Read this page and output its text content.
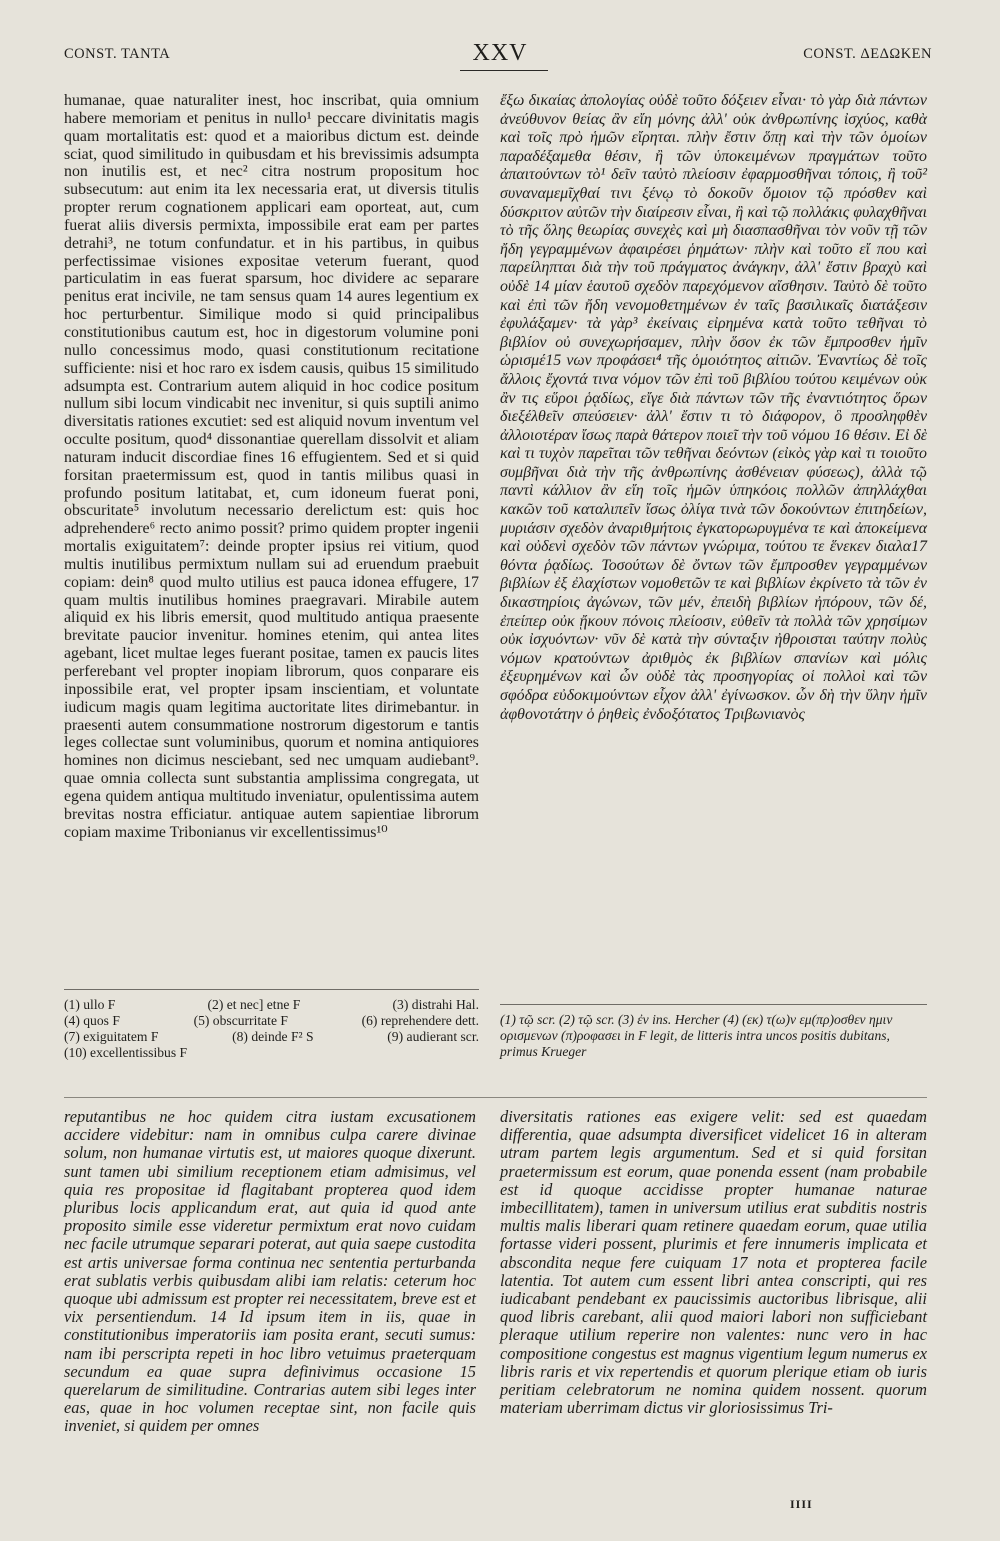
CONST. TANTA	XXV	CONST. ΔΕΔΩΚΕΝ

humanae, quae naturaliter inest, hoc inscribat, quia omnium habere memoriam et penitus in nullo¹ peccare divinitatis magis quam mortalitatis est: quod et a maioribus dictum est. deinde sciat, quod similitudo in quibusdam et his brevissimis adsumpta non inutilis est, et nec² citra nostrum propositum hoc subsecutum: aut enim ita lex necessaria erat, ut diversis titulis propter rerum cognationem applicari eam oporteat, aut, cum fuerat aliis diversis permixta, impossibile erat eam per partes detrahi³, ne totum confundatur. et in his partibus, in quibus perfectissimae visiones expositae veterum fuerant, quod particulatim in eas fuerat sparsum, hoc dividere ac separare penitus erat incivile, ne tam sensus quam 14 aures legentium ex hoc perturbentur. Similique modo si quid principalibus constitutionibus cautum est, hoc in digestorum volumine poni nullo concessimus modo, quasi constitutionum recitatione sufficiente: nisi et hoc raro ex isdem causis, quibus 15 similitudo adsumpta est. Contrarium autem aliquid in hoc codice positum nullum sibi locum vindicabit nec invenitur, si quis suptili animo diversitatis rationes excutiet: sed est aliquid novum inventum vel occulte positum, quod⁴ dissonantiae querellam dissolvit et aliam naturam inducit discordiae fines 16 effugientem. Sed et si quid forsitan praetermissum est, quod in tantis milibus quasi in profundo positum latitabat, et, cum idoneum fuerat poni, obscuritate⁵ involutum necessario derelictum est: quis hoc adprehendere⁶ recto animo possit? primo quidem propter ingenii mortalis exiguitatem⁷: deinde propter ipsius rei vitium, quod multis inutilibus permixtum nullam sui ad eruendum praebuit copiam: dein⁸ quod multo utilius est pauca idonea effugere, 17 quam multis inutilibus homines praegravari. Mirabile autem aliquid ex his libris emersit, quod multitudo antiqua praesente brevitate paucior invenitur. homines etenim, qui antea lites agebant, licet multae leges fuerant positae, tamen ex paucis lites perferebant vel propter inopiam librorum, quos conparare eis inpossibile erat, vel propter ipsam inscientiam, et voluntate iudicum magis quam legitima auctoritate lites dirimebantur. in praesenti autem consummatione nostrorum digestorum e tantis leges collectae sunt voluminibus, quorum et nomina antiquiores homines non dicimus nesciebant, sed nec umquam audiebant⁹. quae omnia collecta sunt substantia amplissima congregata, ut egena quidem antiqua multitudo inveniatur, opulentissima autem brevitas nostra efficiatur. antiquae autem sapientiae librorum copiam maxime Tribonianus vir excellentissimus¹⁰

ἔξω δικαίας ἀπολογίας οὐδὲ τοῦτο δόξειεν εἶναι· τὸ γὰρ διὰ πάντων ἀνεύθυνον θείας ἂν εἴη μόνης ἀλλ' οὐκ ἀνθρωπίνης ἰσχύος, καθὰ καὶ τοῖς πρὸ ἡμῶν εἴρηται. πλὴν ἔστιν ὅπῃ καὶ τὴν τῶν ὁμοίων παραδέξαμεθα θέσιν, ἢ τῶν ὑποκειμένων πραγμάτων τοῦτο ἀπαιτούντων τὸ¹ δεῖν ταὐτὸ πλείοσιν ἐφαρμοσθῆναι τόποις, ἢ τοῦ² συναναμεμῖχθαί τινι ξένῳ τὸ δοκοῦν ὅμοιον τῷ πρόσθεν καὶ δύσκριτον αὐτῶν τὴν διαίρεσιν εἶναι, ἢ καὶ τῷ πολλάκις φυλαχθῆναι τὸ τῆς ὅλης θεωρίας συνεχὲς καὶ μὴ διασπασθῆναι τὸν νοῦν τῇ τῶν ἤδη γεγραμμένων ἀφαιρέσει ῥημάτων· πλὴν καὶ τοῦτο εἴ που καὶ παρείληπται διὰ τὴν τοῦ πράγματος ἀνάγκην, ἀλλ' ἔστιν βραχὺ καὶ οὐδὲ 14 μίαν ἑαυτοῦ σχεδὸν παρεχόμενον αἴσθησιν. Ταὐτὸ δὲ τοῦτο καὶ ἐπὶ τῶν ἤδη νενομοθετημένων ἐν ταῖς βασιλικαῖς διατάξεσιν ἐφυλάξαμεν· τὰ γὰρ³ ἐκείναις εἰρημένα κατὰ τοῦτο τεθῆναι τὸ βιβλίον οὐ συνεχωρήσαμεν, πλὴν ὅσον ἐκ τῶν ἔμπροσθεν ἡμῖν ὡρισμέ15 νων προφάσει⁴ τῆς ὁμοιότητος αἰτιῶν. Ἐναντίως δὲ τοῖς ἄλλοις ἔχοντά τινα νόμον τῶν ἐπὶ τοῦ βιβλίου τούτου κειμένων οὐκ ἂν τις εὕροι ῥᾳδίως, εἴγε διὰ πάντων τῶν τῆς ἐναντιότητος ὅρων διεξέλθεῖν σπεύσειεν· ἀλλ' ἔστιν τι τὸ διάφορον, ὃ προσληφθὲν ἀλλοιοτέραν ἴσως παρὰ θάτερον ποιεῖ τὴν τοῦ νόμου 16 θέσιν. Εἰ δὲ καὶ τι τυχὸν παρεῖται τῶν τεθῆναι δεόντων (εἰκὸς γὰρ καὶ τι τοιοῦτο συμβῆναι διὰ τὴν τῆς ἀνθρωπίνης ἀσθένειαν φύσεως), ἀλλὰ τῷ παντὶ κάλλιον ἂν εἴη τοῖς ἡμῶν ὑπηκόοις πολλῶν ἀπηλλάχθαι κακῶν τοῦ καταλιπεῖν ἴσως ὀλίγα τινὰ τῶν δοκούντων ἐπιτηδείων, μυριάσιν σχεδὸν ἀναριθμήτοις ἐγκατορωρυγμένα τε καὶ ἀποκείμενα καὶ οὐδενὶ σχεδὸν τῶν πάντων γνώριμα, τούτου τε ἕνεκεν διαλα17 θόντα ῥᾳδίως. Τοσούτων δὲ ὄντων τῶν ἔμπροσθεν γεγραμμένων βιβλίων ἐξ ἐλαχίστων νομοθετῶν τε καὶ βιβλίων ἐκρίνετο τὰ τῶν ἐν δικαστηρίοις ἀγώνων, τῶν μέν, ἐπειδὴ βιβλίων ἠπόρουν, τῶν δέ, ἐπείπερ οὐκ ᾔκουν πόνοις πλείοσιν, εὐθεῖν τὰ πολλὰ τῶν χρησίμων οὐκ ἰσχυόντων· νῦν δὲ κατὰ τὴν σύνταξιν ἠθροισται ταύτην πολὺς νόμων κρατούντων ἀριθμὸς ἐκ βιβλίων σπανίων καὶ μόλις ἐξευρημένων καὶ ὧν οὐδὲ τὰς προσηγορίας οἱ πολλοὶ καὶ τῶν σφόδρα εὐδοκιμούντων εἶχον ἀλλ' ἐγίνωσκον. ὧν δὴ τὴν ὕλην ἡμῖν ἀφθονοτάτην ὁ ῥηθεὶς ἐνδοξότατος Τριβωνιανὸς

(1) ullo F	(2) et nec] etne F	(3) distrahi Hal.
(4) quos F	(5) obscurritate F	(6) reprehendere dett.
(7) exiguitatem F	(8) deinde F² S	(9) audierant scr.
(10) excellentissibus F

(1) τῷ scr. (2) τῷ scr. (3) ἐν ins. Hercher (4) (εκ) τ(ω)ν εμ(πρ)οσθεν ημιν ορισμενων (π)ροφασει in F legit, de litteris intra uncos positis dubitans, primus Krueger

reputantibus ne hoc quidem citra iustam excusationem accidere videbitur: nam in omnibus culpa carere divinae solum, non humanae virtutis est, ut maiores quoque dixerunt. sunt tamen ubi similium receptionem etiam admisimus, vel quia res propositae id flagitabant propterea quod idem pluribus locis applicandum erat, aut quia id quod ante proposito simile esse videretur permixtum erat novo cuidam nec facile utrumque separari poterat, aut quia saepe custodita est artis universae forma continua nec sententia perturbanda erat sublatis verbis quibusdam alibi iam relatis: ceterum hoc quoque ubi admissum est propter rei necessitatem, breve est et vix persentiendum. 14 Id ipsum item in iis, quae in constitutionibus imperatoriis iam posita erant, secuti sumus: nam ibi perscripta repeti in hoc libro vetuimus praeterquam secundum ea quae supra definivimus occasione 15 querelarum de similitudine. Contrarias autem sibi leges inter eas, quae in hoc volumen receptae sint, non facile quis inveniet, si quidem per omnes

diversitatis rationes eas exigere velit: sed est quaedam differentia, quae adsumpta diversificet videlicet 16 in alteram utram partem legis argumentum. Sed et si quid forsitan praetermissum est eorum, quae ponenda essent (nam probabile est id quoque accidisse propter humanae naturae imbecillitatem), tamen in universum utilius erat subditis nostris multis malis liberari quam retinere quaedam eorum, quae utilia fortasse videri possent, plurimis et fere innumeris implicata et abscondita neque fere cuiquam 17 nota et propterea facile latentia. Tot autem cum essent libri antea conscripti, qui res iudicabant pendebant ex paucissimis auctoribus librisque, alii quod libris carebant, alii quod maiori labori non sufficiebant pleraque utilium reperire non valentes: nunc vero in hac compositione congestus est magnus vigentium legum numerus ex libris raris et vix repertendis et quorum plerique etiam ob iuris peritiam celebratorum ne nomina quidem nossent. quorum materiam uberrimam dictus vir gloriosissimus Tri-

IIII
